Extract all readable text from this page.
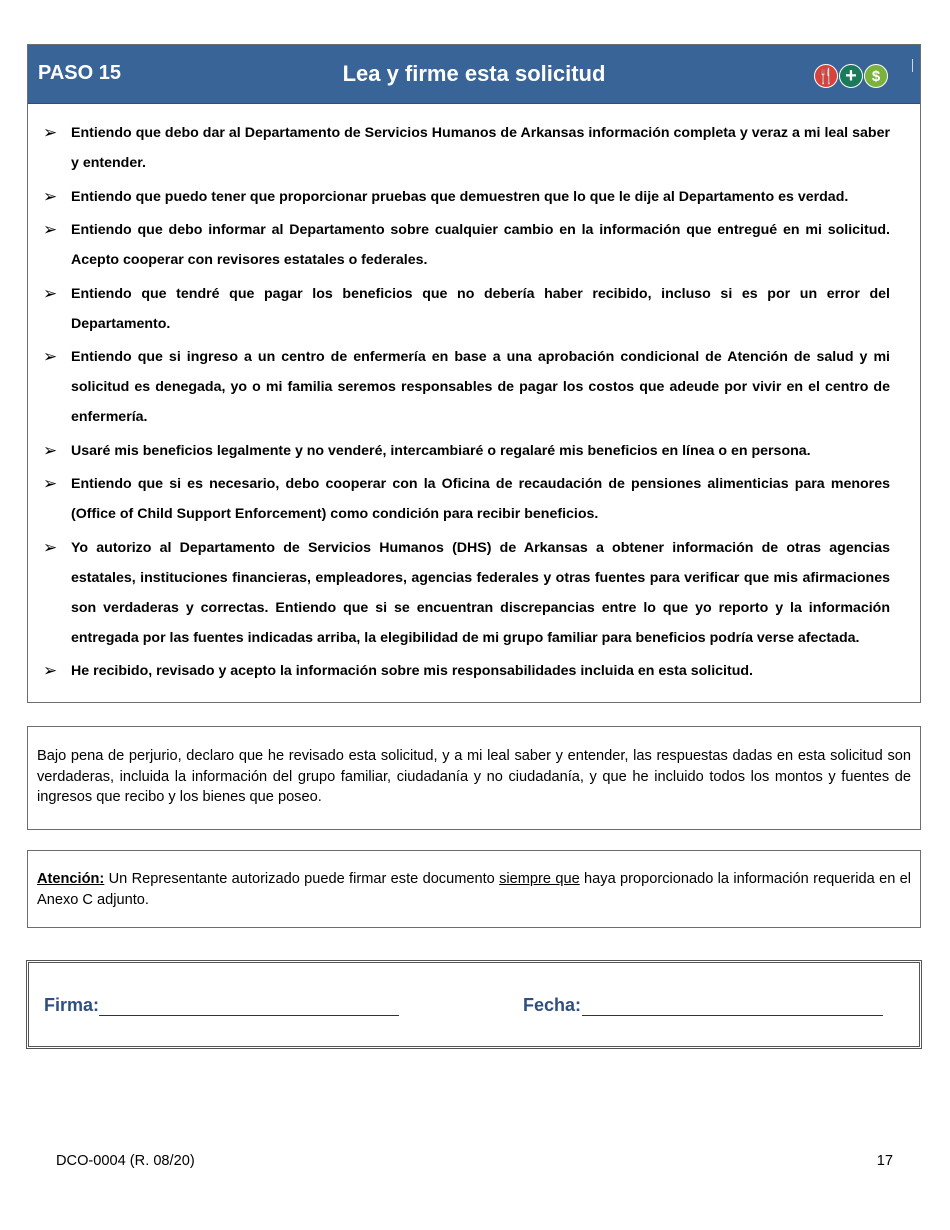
PASO 15	Lea y firme esta solicitud	🍴 + $
➢ Entiendo que debo dar al Departamento de Servicios Humanos de Arkansas información completa y veraz a mi leal saber y entender.
➢ Entiendo que puedo tener que proporcionar pruebas que demuestren que lo que le dije al Departamento es verdad.
➢ Entiendo que debo informar al Departamento sobre cualquier cambio en la información que entregué en mi solicitud. Acepto cooperar con revisores estatales o federales.
➢ Entiendo que tendré que pagar los beneficios que no debería haber recibido, incluso si es por un error del Departamento.
➢ Entiendo que si ingreso a un centro de enfermería en base a una aprobación condicional de Atención de salud y mi solicitud es denegada, yo o mi familia seremos responsables de pagar los costos que adeude por vivir en el centro de enfermería.
➢ Usaré mis beneficios legalmente y no venderé, intercambiaré o regalaré mis beneficios en línea o en persona.
➢ Entiendo que si es necesario, debo cooperar con la Oficina de recaudación de pensiones alimenticias para menores (Office of Child Support Enforcement) como condición para recibir beneficios.
➢ Yo autorizo al Departamento de Servicios Humanos (DHS) de Arkansas a obtener información de otras agencias estatales, instituciones financieras, empleadores, agencias federales y otras fuentes para verificar que mis afirmaciones son verdaderas y correctas. Entiendo que si se encuentran discrepancias entre lo que yo reporto y la información entregada por las fuentes indicadas arriba, la elegibilidad de mi grupo familiar para beneficios podría verse afectada.
➢ He recibido, revisado y acepto la información sobre mis responsabilidades incluida en esta solicitud.
Bajo pena de perjurio, declaro que he revisado esta solicitud, y a mi leal saber y entender, las respuestas dadas en esta solicitud son verdaderas, incluida la información del grupo familiar, ciudadanía y no ciudadanía, y que he incluido todos los montos y fuentes de ingresos que recibo y los bienes que poseo.
Atención: Un Representante autorizado puede firmar este documento siempre que haya proporcionado la información requerida en el Anexo C adjunto.
Firma:	Fecha:
DCO-0004 (R. 08/20)	17
